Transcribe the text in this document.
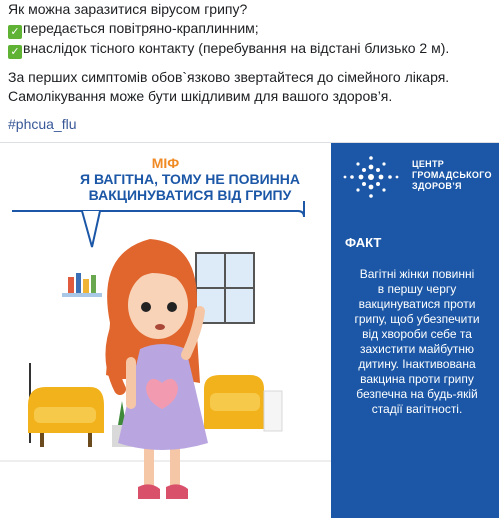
Як можна заразитися вірусом грипу?
✓ передається повітряно-краплинним;
✓ внаслідок тісного контакту (перебування на відстані близько 2 м).
За перших симптомів обов`язково звертайтеся до сімейного лікаря.
Самолікування може бути шкідливим для вашого здоров’я.
#phcua_flu
МІФ
Я ВАГІТНА, ТОМУ НЕ ПОВИННА
ВАКЦИНУВАТИСЯ ВІД ГРИПУ
ЦЕНТР
ГРОМАДСЬКОГО
ЗДОРОВ’Я
ФАКТ
Вагітні жінки повинні
в першу чергу
вакцинуватися проти
грипу, щоб убезпечити
від хвороби себе та
захистити майбутню
дитину. Інактивована
вакцина проти грипу
безпечна на будь-якій
стадії вагітності.
